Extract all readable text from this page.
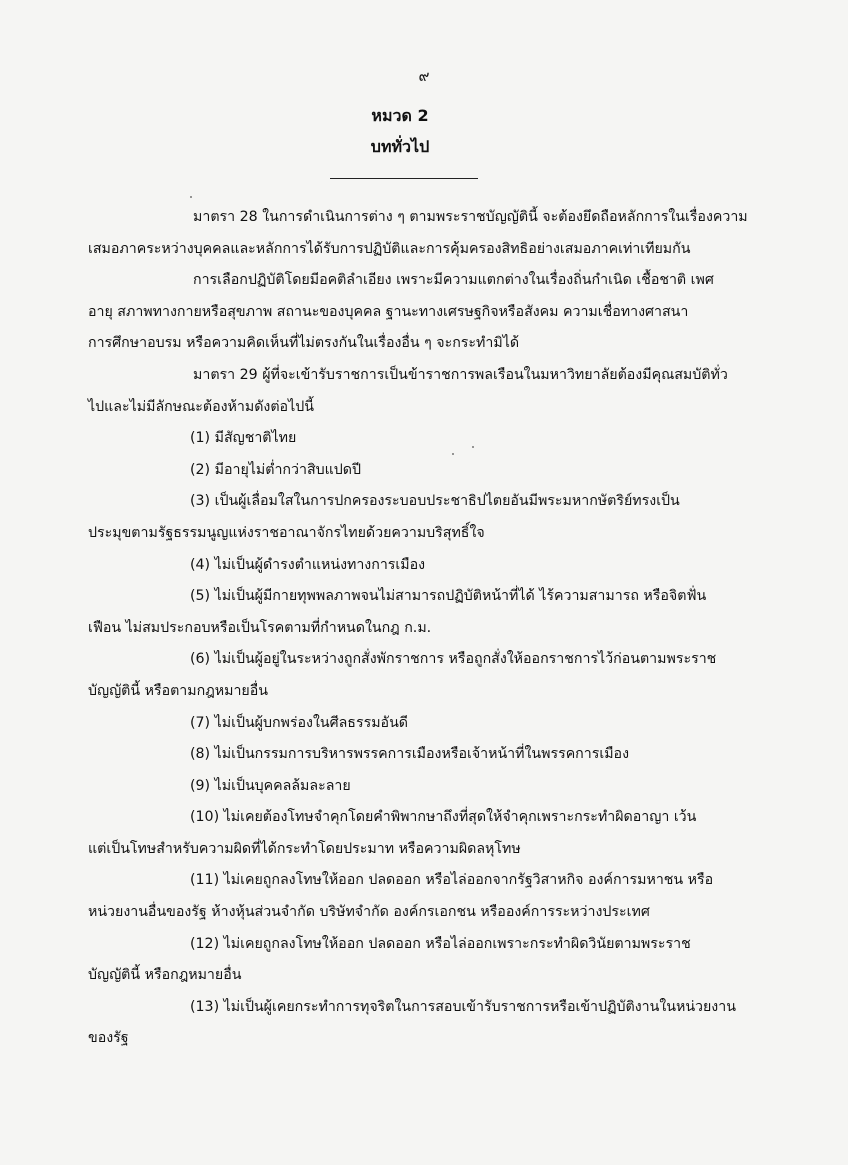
๙
หมวด 2
บททั่วไป
มาตรา 28 ในการดำเนินการต่าง ๆ ตามพระราชบัญญัตินี้ จะต้องยึดถือหลักการในเรื่องความ
เสมอภาคระหว่างบุคคลและหลักการได้รับการปฏิบัติและการคุ้มครองสิทธิอย่างเสมอภาคเท่าเทียมกัน
การเลือกปฏิบัติโดยมีอคติลำเอียง เพราะมีความแตกต่างในเรื่องถิ่นกำเนิด เชื้อชาติ เพศ
อายุ สภาพทางกายหรือสุขภาพ สถานะของบุคคล ฐานะทางเศรษฐกิจหรือสังคม ความเชื่อทางศาสนา
การศึกษาอบรม หรือความคิดเห็นที่ไม่ตรงกันในเรื่องอื่น ๆ จะกระทำมิได้
มาตรา 29 ผู้ที่จะเข้ารับราชการเป็นข้าราชการพลเรือนในมหาวิทยาลัยต้องมีคุณสมบัติทั่ว
ไปและไม่มีลักษณะต้องห้ามดังต่อไปนี้
(1) มีสัญชาติไทย
(2) มีอายุไม่ต่ำกว่าสิบแปดปี
(3) เป็นผู้เลื่อมใสในการปกครองระบอบประชาธิปไตยอันมีพระมหากษัตริย์ทรงเป็น
ประมุขตามรัฐธรรมนูญแห่งราชอาณาจักรไทยด้วยความบริสุทธิ์ใจ
(4) ไม่เป็นผู้ดำรงตำแหน่งทางการเมือง
(5) ไม่เป็นผู้มีกายทุพพลภาพจนไม่สามารถปฏิบัติหน้าที่ได้ ไร้ความสามารถ หรือจิตฟั่น
เฟือน ไม่สมประกอบหรือเป็นโรคตามที่กำหนดในกฎ ก.ม.
(6) ไม่เป็นผู้อยู่ในระหว่างถูกสั่งพักราชการ หรือถูกสั่งให้ออกราชการไว้ก่อนตามพระราช
บัญญัตินี้ หรือตามกฎหมายอื่น
(7) ไม่เป็นผู้บกพร่องในศีลธรรมอันดี
(8) ไม่เป็นกรรมการบริหารพรรคการเมืองหรือเจ้าหน้าที่ในพรรคการเมือง
(9) ไม่เป็นบุคคลล้มละลาย
(10) ไม่เคยต้องโทษจำคุกโดยคำพิพากษาถึงที่สุดให้จำคุกเพราะกระทำผิดอาญา เว้น
แต่เป็นโทษสำหรับความผิดที่ได้กระทำโดยประมาท หรือความผิดลหุโทษ
(11) ไม่เคยถูกลงโทษให้ออก ปลดออก หรือไล่ออกจากรัฐวิสาหกิจ องค์การมหาชน หรือ
หน่วยงานอื่นของรัฐ ห้างหุ้นส่วนจำกัด บริษัทจำกัด องค์กรเอกชน หรือองค์การระหว่างประเทศ
(12) ไม่เคยถูกลงโทษให้ออก ปลดออก หรือไล่ออกเพราะกระทำผิดวินัยตามพระราช
บัญญัตินี้ หรือกฎหมายอื่น
(13) ไม่เป็นผู้เคยกระทำการทุจริตในการสอบเข้ารับราชการหรือเข้าปฏิบัติงานในหน่วยงาน
ของรัฐ
